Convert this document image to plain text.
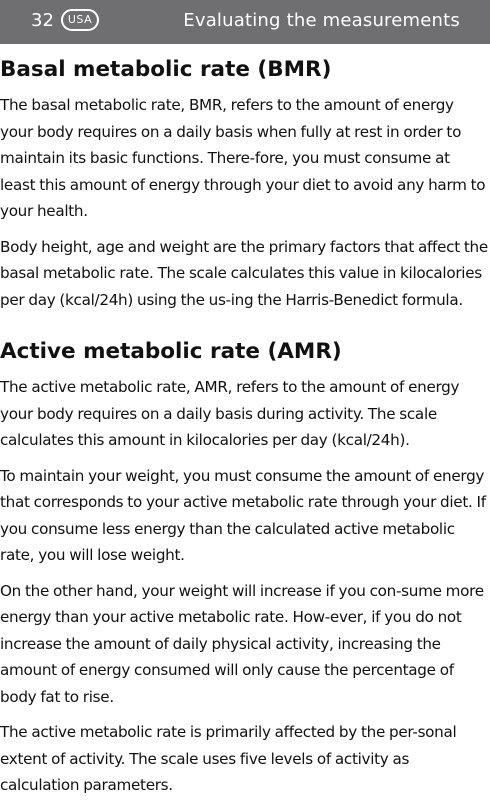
32	USA	Evaluating the measurements
Basal metabolic rate (BMR)

The basal metabolic rate, BMR, refers to the amount of energy your body requires on a daily basis when fully at rest in order to maintain its basic functions. There-fore, you must consume at least this amount of energy through your diet to avoid any harm to your health.

Body height, age and weight are the primary factors that affect the basal metabolic rate. The scale calculates this value in kilocalories per day (kcal/24h) using the us-ing the Harris-Benedict formula.

Active metabolic rate (AMR)

The active metabolic rate, AMR, refers to the amount of energy your body requires on a daily basis during activity. The scale calculates this amount in kilocalories per day (kcal/24h).

To maintain your weight, you must consume the amount of energy that corresponds to your active metabolic rate through your diet. If you consume less energy than the calculated active metabolic rate, you will lose weight.

On the other hand, your weight will increase if you con-sume more energy than your active metabolic rate. How-ever, if you do not increase the amount of daily physical activity, increasing the amount of energy consumed will only cause the percentage of body fat to rise.

The active metabolic rate is primarily affected by the per-sonal extent of activity. The scale uses five levels of activity as calculation parameters.
